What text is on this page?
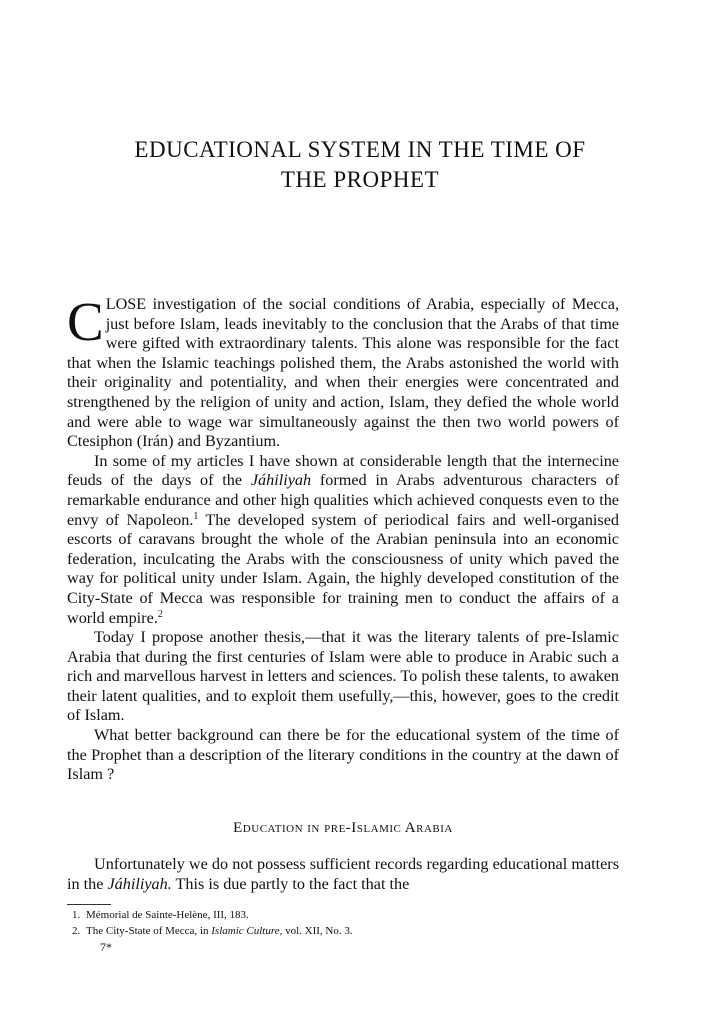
EDUCATIONAL SYSTEM IN THE TIME OF
THE PROPHET

CLOSE investigation of the social conditions of Arabia, especially of Mecca, just before Islam, leads inevitably to the conclusion that the Arabs of that time were gifted with extraordinary talents. This alone was responsible for the fact that when the Islamic teachings polished them, the Arabs astonished the world with their originality and potentiality, and when their energies were concentrated and strengthened by the religion of unity and action, Islam, they defied the whole world and were able to wage war simultaneously against the then two world powers of Ctesiphon (Irán) and Byzantium.

In some of my articles I have shown at considerable length that the internecine feuds of the days of the Jáhiliyah formed in Arabs adventurous characters of remarkable endurance and other high qualities which achieved conquests even to the envy of Napoleon.$^1$ The developed system of periodical fairs and well-organised escorts of caravans brought the whole of the Arabian peninsula into an economic federation, inculcating the Arabs with the consciousness of unity which paved the way for political unity under Islam. Again, the highly developed constitution of the City-State of Mecca was responsible for training men to conduct the affairs of a world empire.$^2$

Today I propose another thesis,—that it was the literary talents of pre-Islamic Arabia that during the first centuries of Islam were able to produce in Arabic such a rich and marvellous harvest in letters and sciences. To polish these talents, to awaken their latent qualities, and to exploit them usefully,—this, however, goes to the credit of Islam.

What better background can there be for the educational system of the time of the Prophet than a description of the literary conditions in the country at the dawn of Islam ?

Education in pre-Islamic Arabia

Unfortunately we do not possess sufficient records regarding educational matters in the Jáhiliyah. This is due partly to the fact that the

1. Mémorial de Sainte-Helène, III, 183.
2. The City-State of Mecca, in Islamic Culture, vol. XII, No. 3.
7*
